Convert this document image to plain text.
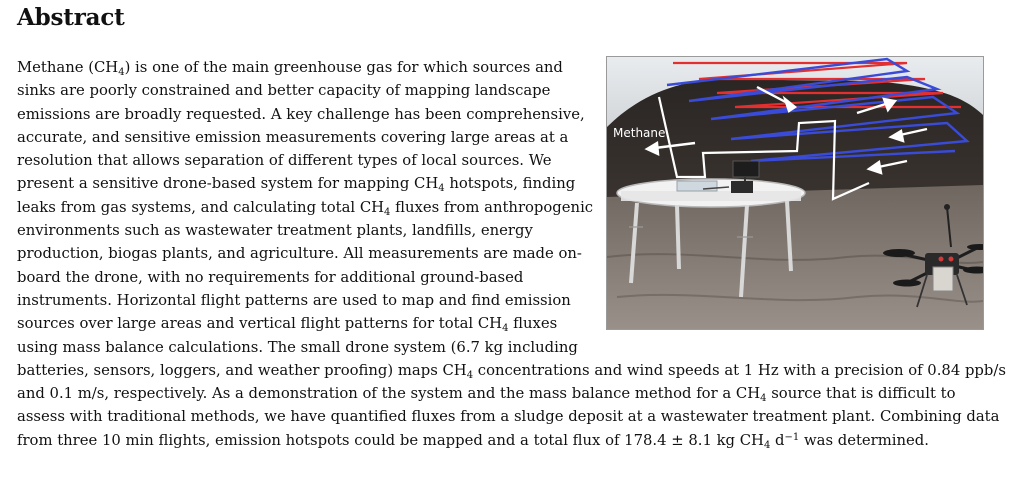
Abstract
Methane

Methane $(CH_4)$ is one of the main greenhouse gas for which sources and sinks are poorly constrained and better capacity of mapping landscape emissions are broadly requested. A key challenge has been comprehensive, accurate, and sensitive emission measurements covering large areas at a resolution that allows separation of different types of local sources. We present a sensitive drone-based system for mapping $CH_4$ hotspots, finding leaks from gas systems, and calculating total $CH_4$ fluxes from anthropogenic environments such as wastewater treatment plants, landfills, energy production, biogas plants, and agriculture. All measurements are made on-board the drone, with no requirements for additional ground-based instruments. Horizontal flight patterns are used to map and find emission sources over large areas and vertical flight patterns for total $CH_4$ fluxes using mass balance calculations. The small drone system (6.7 kg including batteries, sensors, loggers, and weather proofing) maps $CH_4$ concentrations and wind speeds at 1 Hz with a precision of 0.84 ppb/s and 0.1 m/s, respectively. As a demonstration of the system and the mass balance method for a $CH_4$ source that is difficult to assess with traditional methods, we have quantified fluxes from a sludge deposit at a wastewater treatment plant. Combining data from three 10 min flights, emission hotspots could be mapped and a total flux of 178.4 ± 8.1 kg $CH_4$ $d^{-1}$ was determined.
